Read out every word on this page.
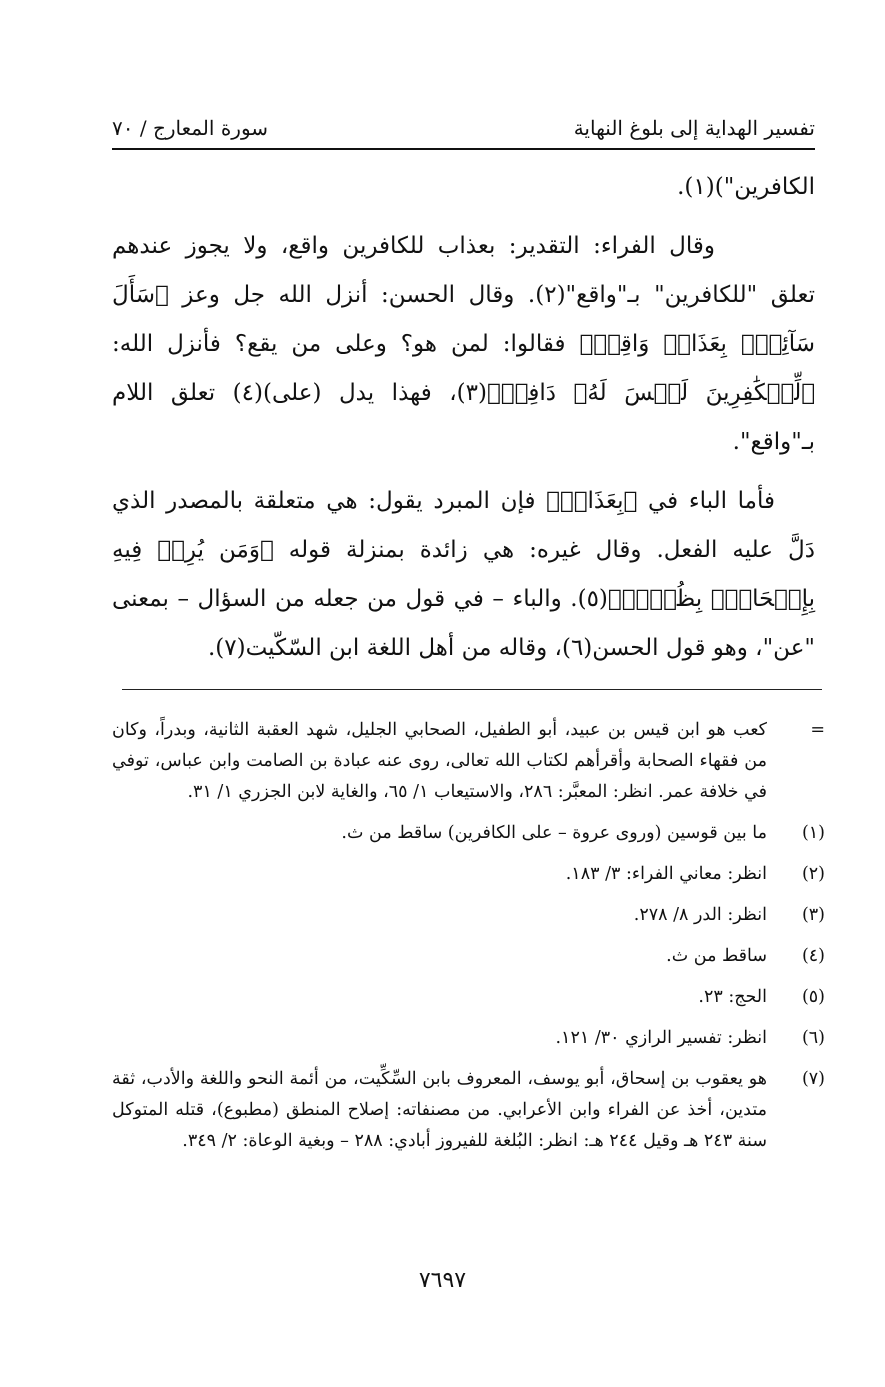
تفسير الهداية إلى بلوغ النهاية
سورة المعارج / ٧٠

الكافرين")(١).

وقال الفراء: التقدير: بعذاب للكافرين واقع، ولا يجوز عندهم تعلق "للكافرين" بـ"واقع"(٢). وقال الحسن: أنزل الله جل وعز ﴿سَأَلَ سَآئِلُۢ بِعَذَابٖ وَاقِعٖ﴾ فقالوا: لمن هو؟ وعلى من يقع؟ فأنزل الله: ﴿لِّلۡكَٰفِرِينَ لَيۡسَ لَهُۥ دَافِعٞ﴾(٣)، فهذا يدل (على)(٤) تعلق اللام بـ"واقع".

فأما الباء في ﴿بِعَذَابٖ﴾ فإن المبرد يقول: هي متعلقة بالمصدر الذي دَلَّ عليه الفعل. وقال غيره: هي زائدة بمنزلة قوله ﴿وَمَن يُرِدۡ فِيهِ بِإِلۡحَادِۢ بِظُلۡمٖ﴾(٥). والباء – في قول من جعله من السؤال – بمعنى "عن"، وهو قول الحسن(٦)، وقاله من أهل اللغة ابن السّكّيت(٧).

=
كعب هو ابن قيس بن عبيد، أبو الطفيل، الصحابي الجليل، شهد العقبة الثانية، وبدراً، وكان من فقهاء الصحابة وأقرأهم لكتاب الله تعالى، روى عنه عبادة بن الصامت وابن عباس، توفي في خلافة عمر. انظر: المعبَّر: ٢٨٦، والاستيعاب ١/ ٦٥، والغاية لابن الجزري ١/ ٣١.
(١)
ما بين قوسين (وروى عروة – على الكافرين) ساقط من ث.
(٢)
انظر: معاني الفراء: ٣/ ١٨٣.
(٣)
انظر: الدر ٨/ ٢٧٨.
(٤)
ساقط من ث.
(٥)
الحج: ٢٣.
(٦)
انظر: تفسير الرازي ٣٠/ ١٢١.
(٧)
هو يعقوب بن إسحاق، أبو يوسف، المعروف بابن السِّكِّيت، من أئمة النحو واللغة والأدب، ثقة متدين، أخذ عن الفراء وابن الأعرابي. من مصنفاته: إصلاح المنطق (مطبوع)، قتله المتوكل سنة ٢٤٣ هـ وقيل ٢٤٤ هـ: انظر: البُلغة للفيروز أبادي: ٢٨٨ – وبغية الوعاة: ٢/ ٣٤٩.
٧٦٩٧
